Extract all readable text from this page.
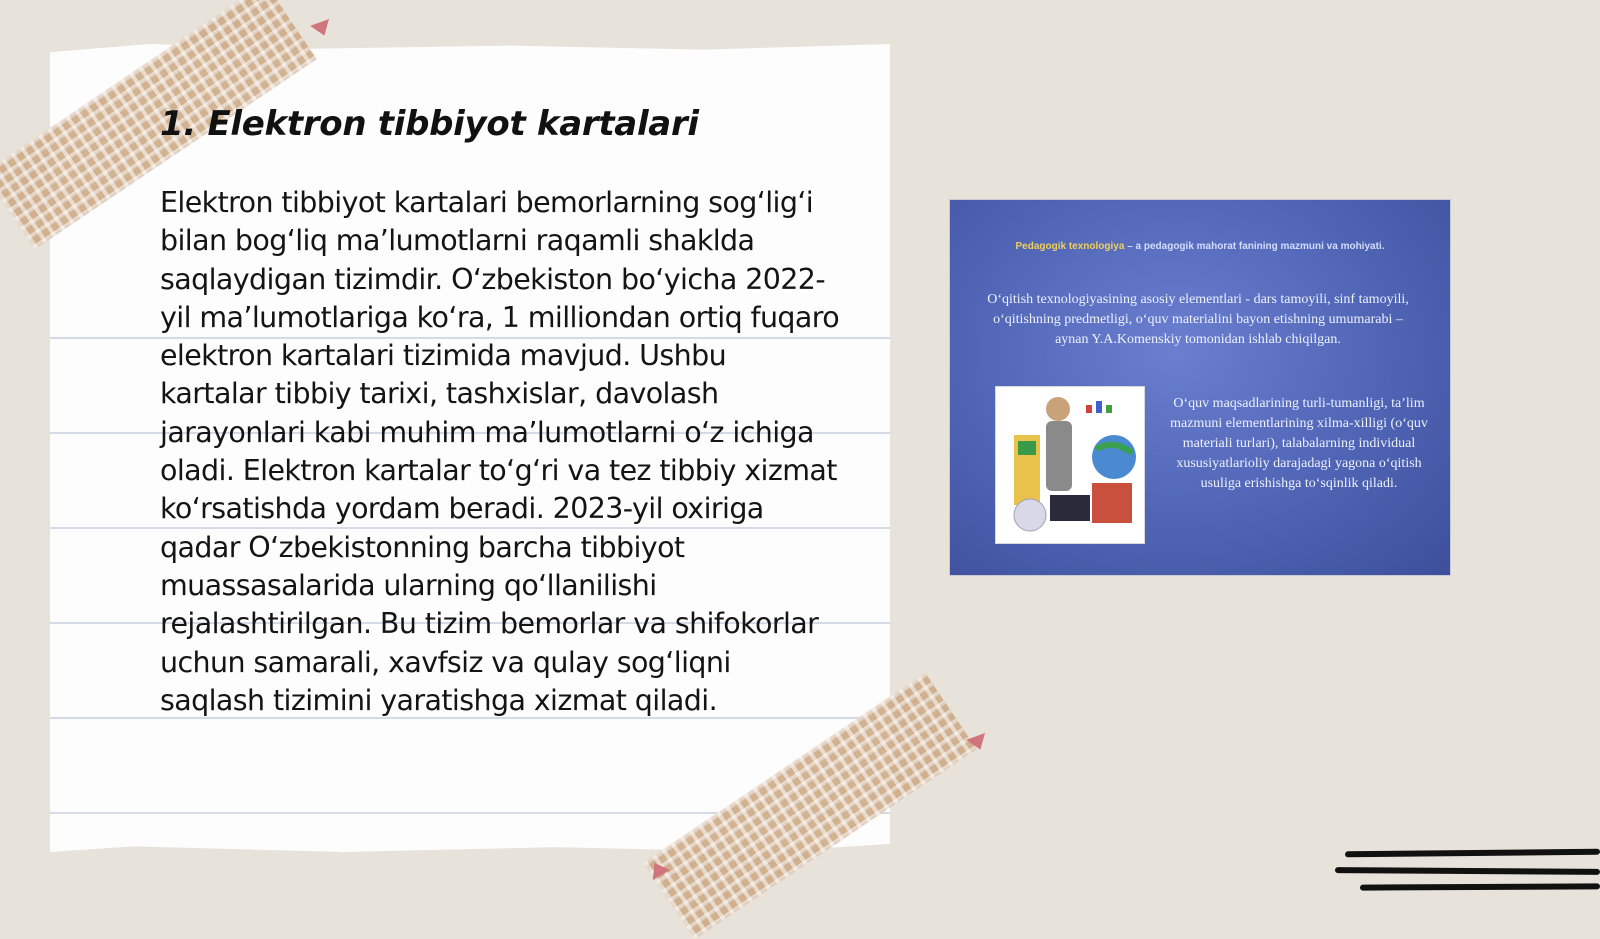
1. Elektron tibbiyot kartalari

Elektron tibbiyot kartalari bemorlarning sog‘lig‘i bilan bog‘liq ma’lumotlarni raqamli shaklda saqlaydigan tizimdir. O‘zbekiston bo‘yicha 2022-yil ma’lumotlariga ko‘ra, 1 milliondan ortiq fuqaro elektron kartalari tizimida mavjud. Ushbu kartalar tibbiy tarixi, tashxislar, davolash jarayonlari kabi muhim ma’lumotlarni o‘z ichiga oladi. Elektron kartalar to‘g‘ri va tez tibbiy xizmat ko‘rsatishda yordam beradi. 2023-yil oxiriga qadar O‘zbekistonning barcha tibbiyot muassasalarida ularning qo‘llanilishi rejalashtirilgan. Bu tizim bemorlar va shifokorlar uchun samarali, xavfsiz va qulay sog‘liqni saqlash tizimini yaratishga xizmat qiladi.

Pedagogik texnologiya – a pedagogik mahorat fanining mazmuni va mohiyati.

O‘qitish texnologiyasining asosiy elementlari - dars tamoyili, sinf tamoyili, o‘qitishning predmetligi, o‘quv materialini bayon etishning umumarabi – aynan Y.A.Komenskiy tomonidan ishlab chiqilgan.

O‘quv maqsadlarining turli-tumanligi, ta’lim mazmuni elementlarining xilma-xilligi (o‘quv materiali turlari), talabalarning individual xususiyatlarioliy darajadagi yagona o‘qitish usuliga erishishga to‘sqinlik qiladi.
